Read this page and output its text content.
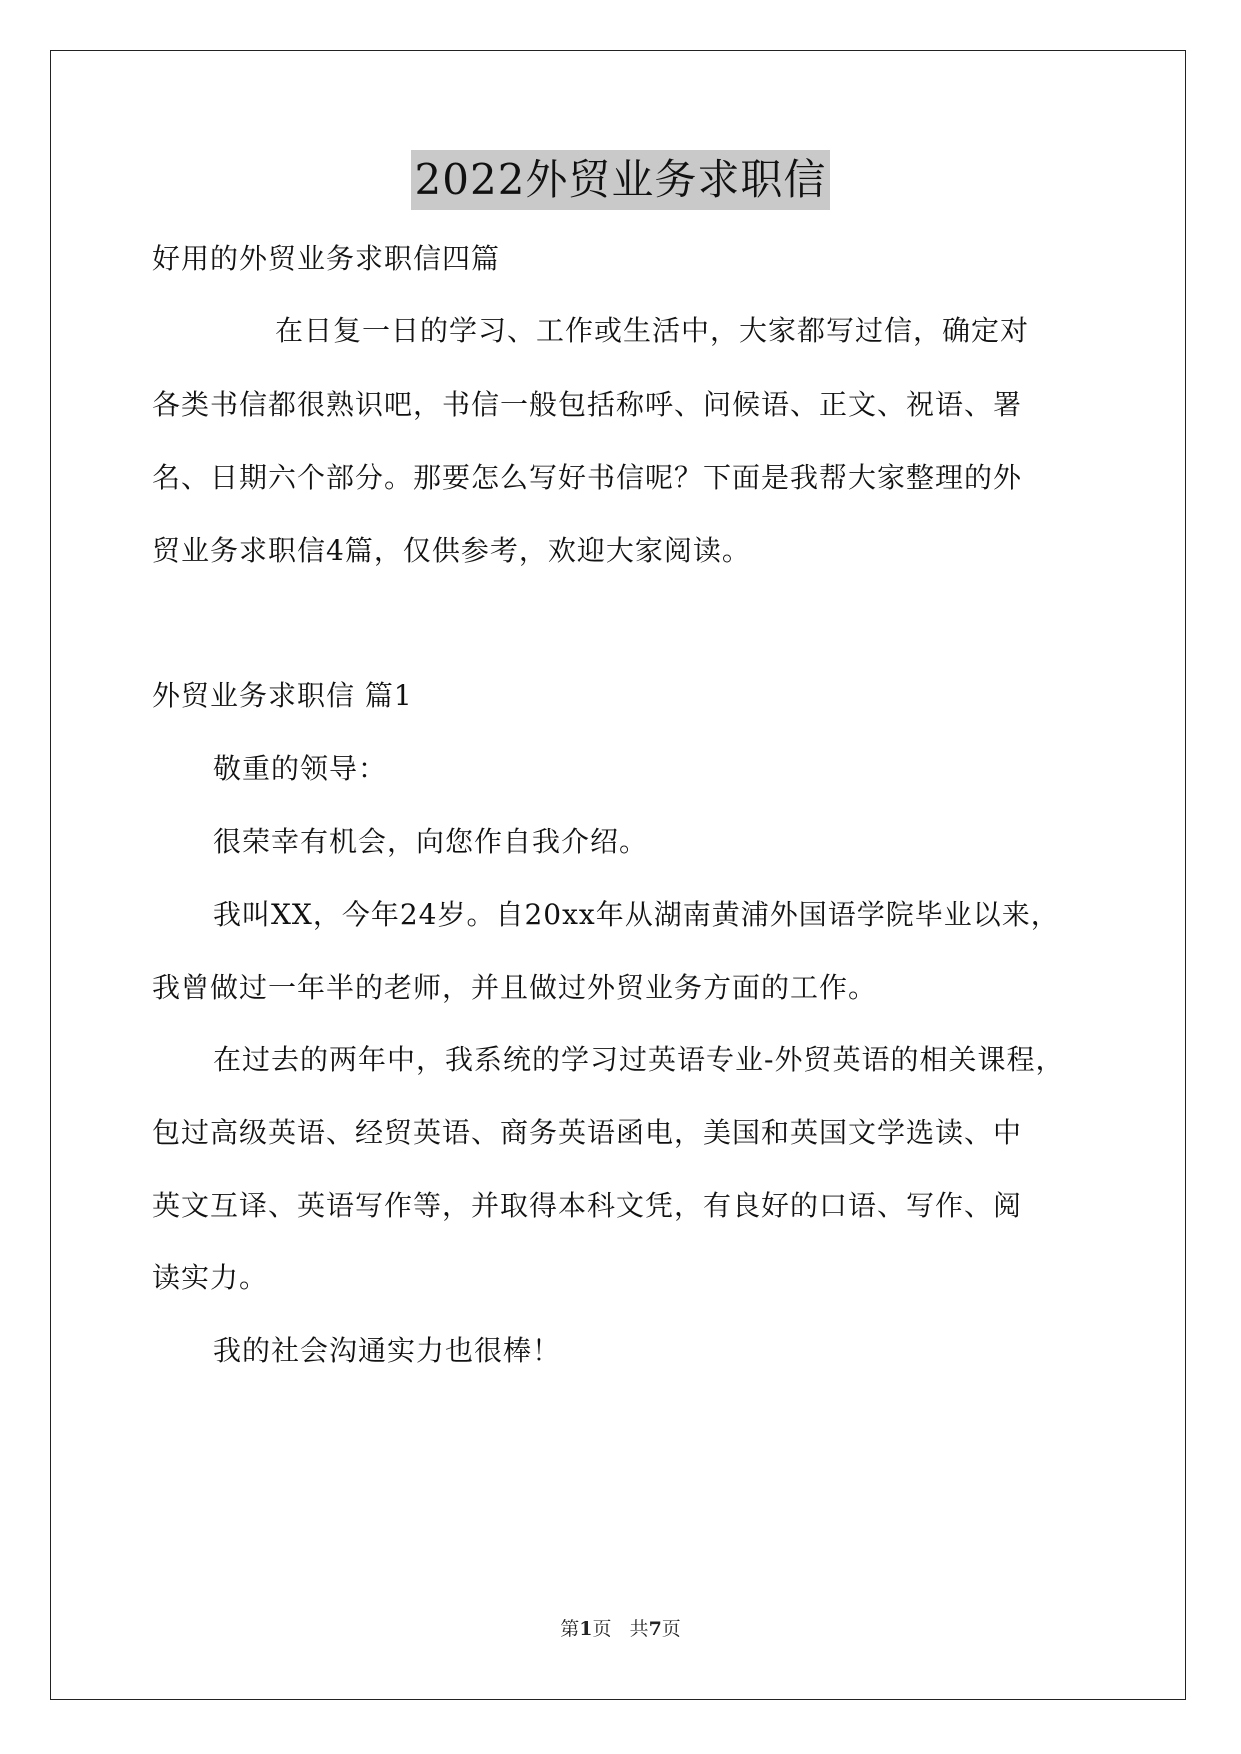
2022外贸业务求职信
好用的外贸业务求职信四篇
在日复一日的学习、工作或生活中，大家都写过信，确定对
各类书信都很熟识吧，书信一般包括称呼、问候语、正文、祝语、署
名、日期六个部分。那要怎么写好书信呢？下面是我帮大家整理的外
贸业务求职信4篇，仅供参考，欢迎大家阅读。
外贸业务求职信 篇1
敬重的领导：
很荣幸有机会，向您作自我介绍。
我叫XX，今年24岁。自20xx年从湖南黄浦外国语学院毕业以来，
我曾做过一年半的老师，并且做过外贸业务方面的工作。
在过去的两年中，我系统的学习过英语专业-外贸英语的相关课程，
包过高级英语、经贸英语、商务英语函电，美国和英国文学选读、中
英文互译、英语写作等，并取得本科文凭，有良好的口语、写作、阅
读实力。
我的社会沟通实力也很棒！
第1页   共7页
